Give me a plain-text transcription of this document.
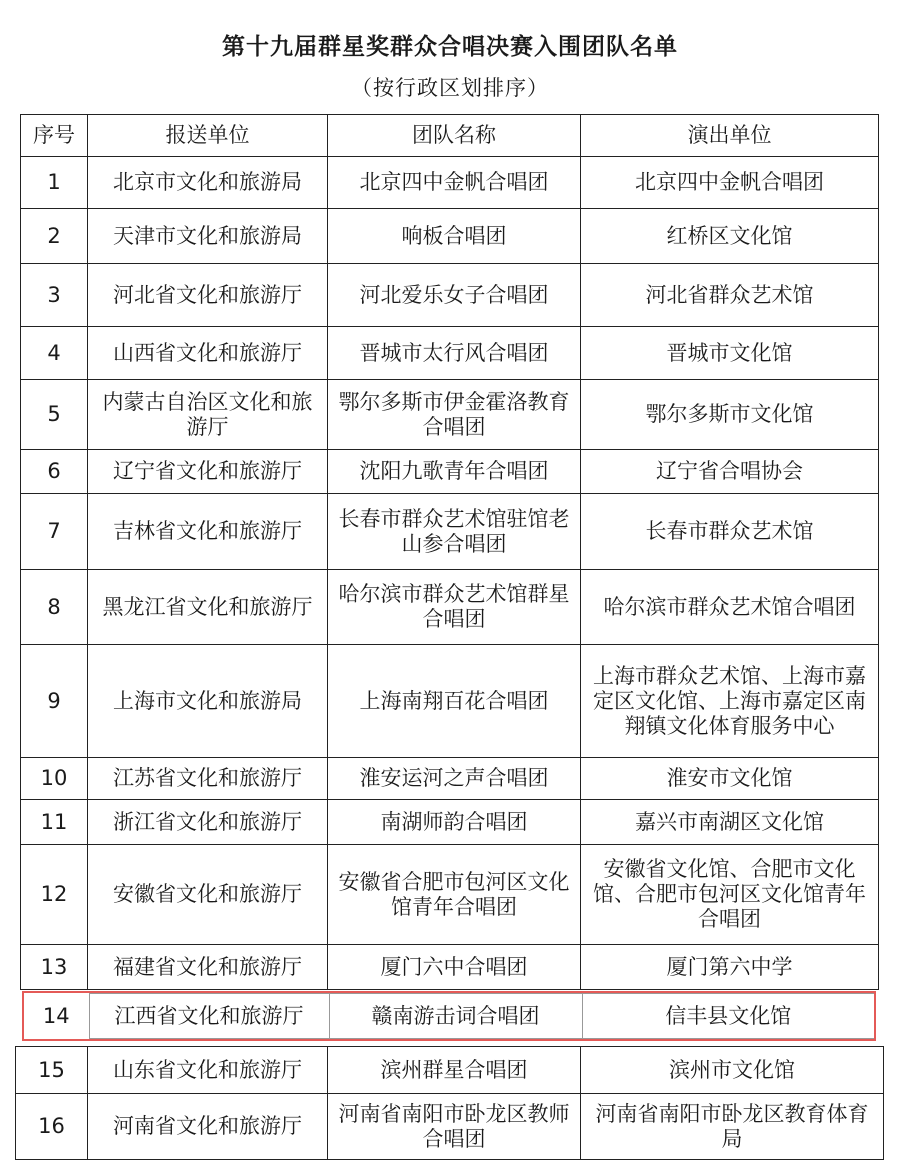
第十九届群星奖群众合唱决赛入围团队名单
（按行政区划排序）
序号	报送单位	团队名称	演出单位
1	北京市文化和旅游局	北京四中金帆合唱团	北京四中金帆合唱团
2	天津市文化和旅游局	响板合唱团	红桥区文化馆
3	河北省文化和旅游厅	河北爱乐女子合唱团	河北省群众艺术馆
4	山西省文化和旅游厅	晋城市太行风合唱团	晋城市文化馆
5	内蒙古自治区文化和旅游厅	鄂尔多斯市伊金霍洛教育合唱团	鄂尔多斯市文化馆
6	辽宁省文化和旅游厅	沈阳九歌青年合唱团	辽宁省合唱协会
7	吉林省文化和旅游厅	长春市群众艺术馆驻馆老山参合唱团	长春市群众艺术馆
8	黑龙江省文化和旅游厅	哈尔滨市群众艺术馆群星合唱团	哈尔滨市群众艺术馆合唱团
9	上海市文化和旅游局	上海南翔百花合唱团	上海市群众艺术馆、上海市嘉定区文化馆、上海市嘉定区南翔镇文化体育服务中心
10	江苏省文化和旅游厅	淮安运河之声合唱团	淮安市文化馆
11	浙江省文化和旅游厅	南湖师韵合唱团	嘉兴市南湖区文化馆
12	安徽省文化和旅游厅	安徽省合肥市包河区文化馆青年合唱团	安徽省文化馆、合肥市文化馆、合肥市包河区文化馆青年合唱团
13	福建省文化和旅游厅	厦门六中合唱团	厦门第六中学
14	江西省文化和旅游厅	赣南游击词合唱团	信丰县文化馆
15	山东省文化和旅游厅	滨州群星合唱团	滨州市文化馆
16	河南省文化和旅游厅	河南省南阳市卧龙区教师合唱团	河南省南阳市卧龙区教育体育局
